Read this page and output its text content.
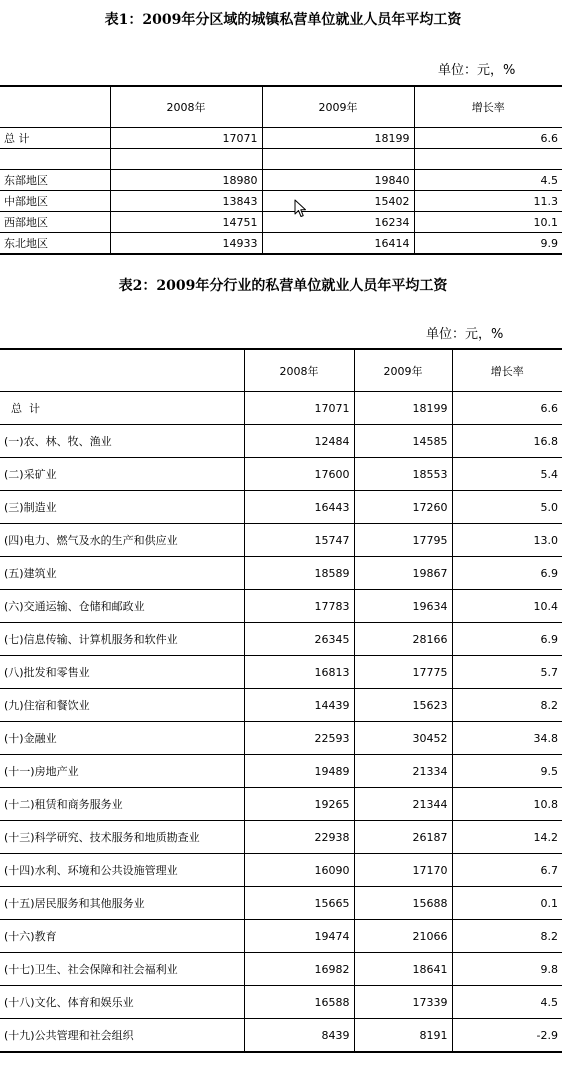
表1：2009年分区域的城镇私营单位就业人员年平均工资
单位：元，%
	2008年	2009年	增长率
总 计	17071	18199	6.6

东部地区	18980	19840	4.5
中部地区	13843	15402	11.3
西部地区	14751	16234	10.1
东北地区	14933	16414	9.9
表2：2009年分行业的私营单位就业人员年平均工资
单位：元，%
	2008年	2009年	增长率
总  计	17071	18199	6.6
(一)农、林、牧、渔业	12484	14585	16.8
(二)采矿业	17600	18553	5.4
(三)制造业	16443	17260	5.0
(四)电力、燃气及水的生产和供应业	15747	17795	13.0
(五)建筑业	18589	19867	6.9
(六)交通运输、仓储和邮政业	17783	19634	10.4
(七)信息传输、计算机服务和软件业	26345	28166	6.9
(八)批发和零售业	16813	17775	5.7
(九)住宿和餐饮业	14439	15623	8.2
(十)金融业	22593	30452	34.8
(十一)房地产业	19489	21334	9.5
(十二)租赁和商务服务业	19265	21344	10.8
(十三)科学研究、技术服务和地质勘查业	22938	26187	14.2
(十四)水利、环境和公共设施管理业	16090	17170	6.7
(十五)居民服务和其他服务业	15665	15688	0.1
(十六)教育	19474	21066	8.2
(十七)卫生、社会保障和社会福利业	16982	18641	9.8
(十八)文化、体育和娱乐业	16588	17339	4.5
(十九)公共管理和社会组织	8439	8191	-2.9
